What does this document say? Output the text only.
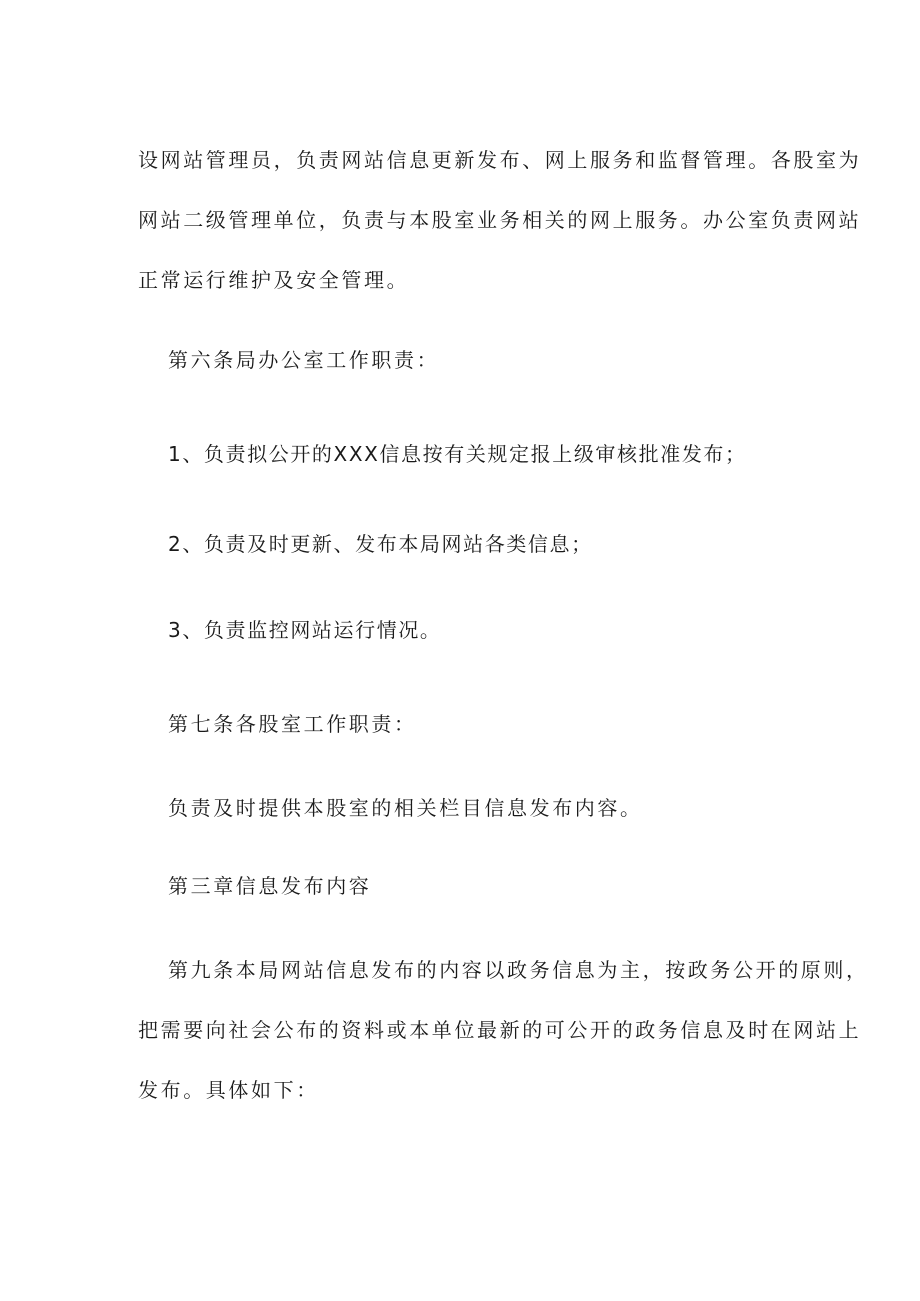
设网站管理员，负责网站信息更新发布、网上服务和监督管理。各股室为
网站二级管理单位，负责与本股室业务相关的网上服务。办公室负责网站
正常运行维护及安全管理。
第六条局办公室工作职责：
1、负责拟公开的XXX信息按有关规定报上级审核批准发布；
2、负责及时更新、发布本局网站各类信息；
3、负责监控网站运行情况。
第七条各股室工作职责：
负责及时提供本股室的相关栏目信息发布内容。
第三章信息发布内容
第九条本局网站信息发布的内容以政务信息为主，按政务公开的原则，
把需要向社会公布的资料或本单位最新的可公开的政务信息及时在网站上
发布。具体如下：
